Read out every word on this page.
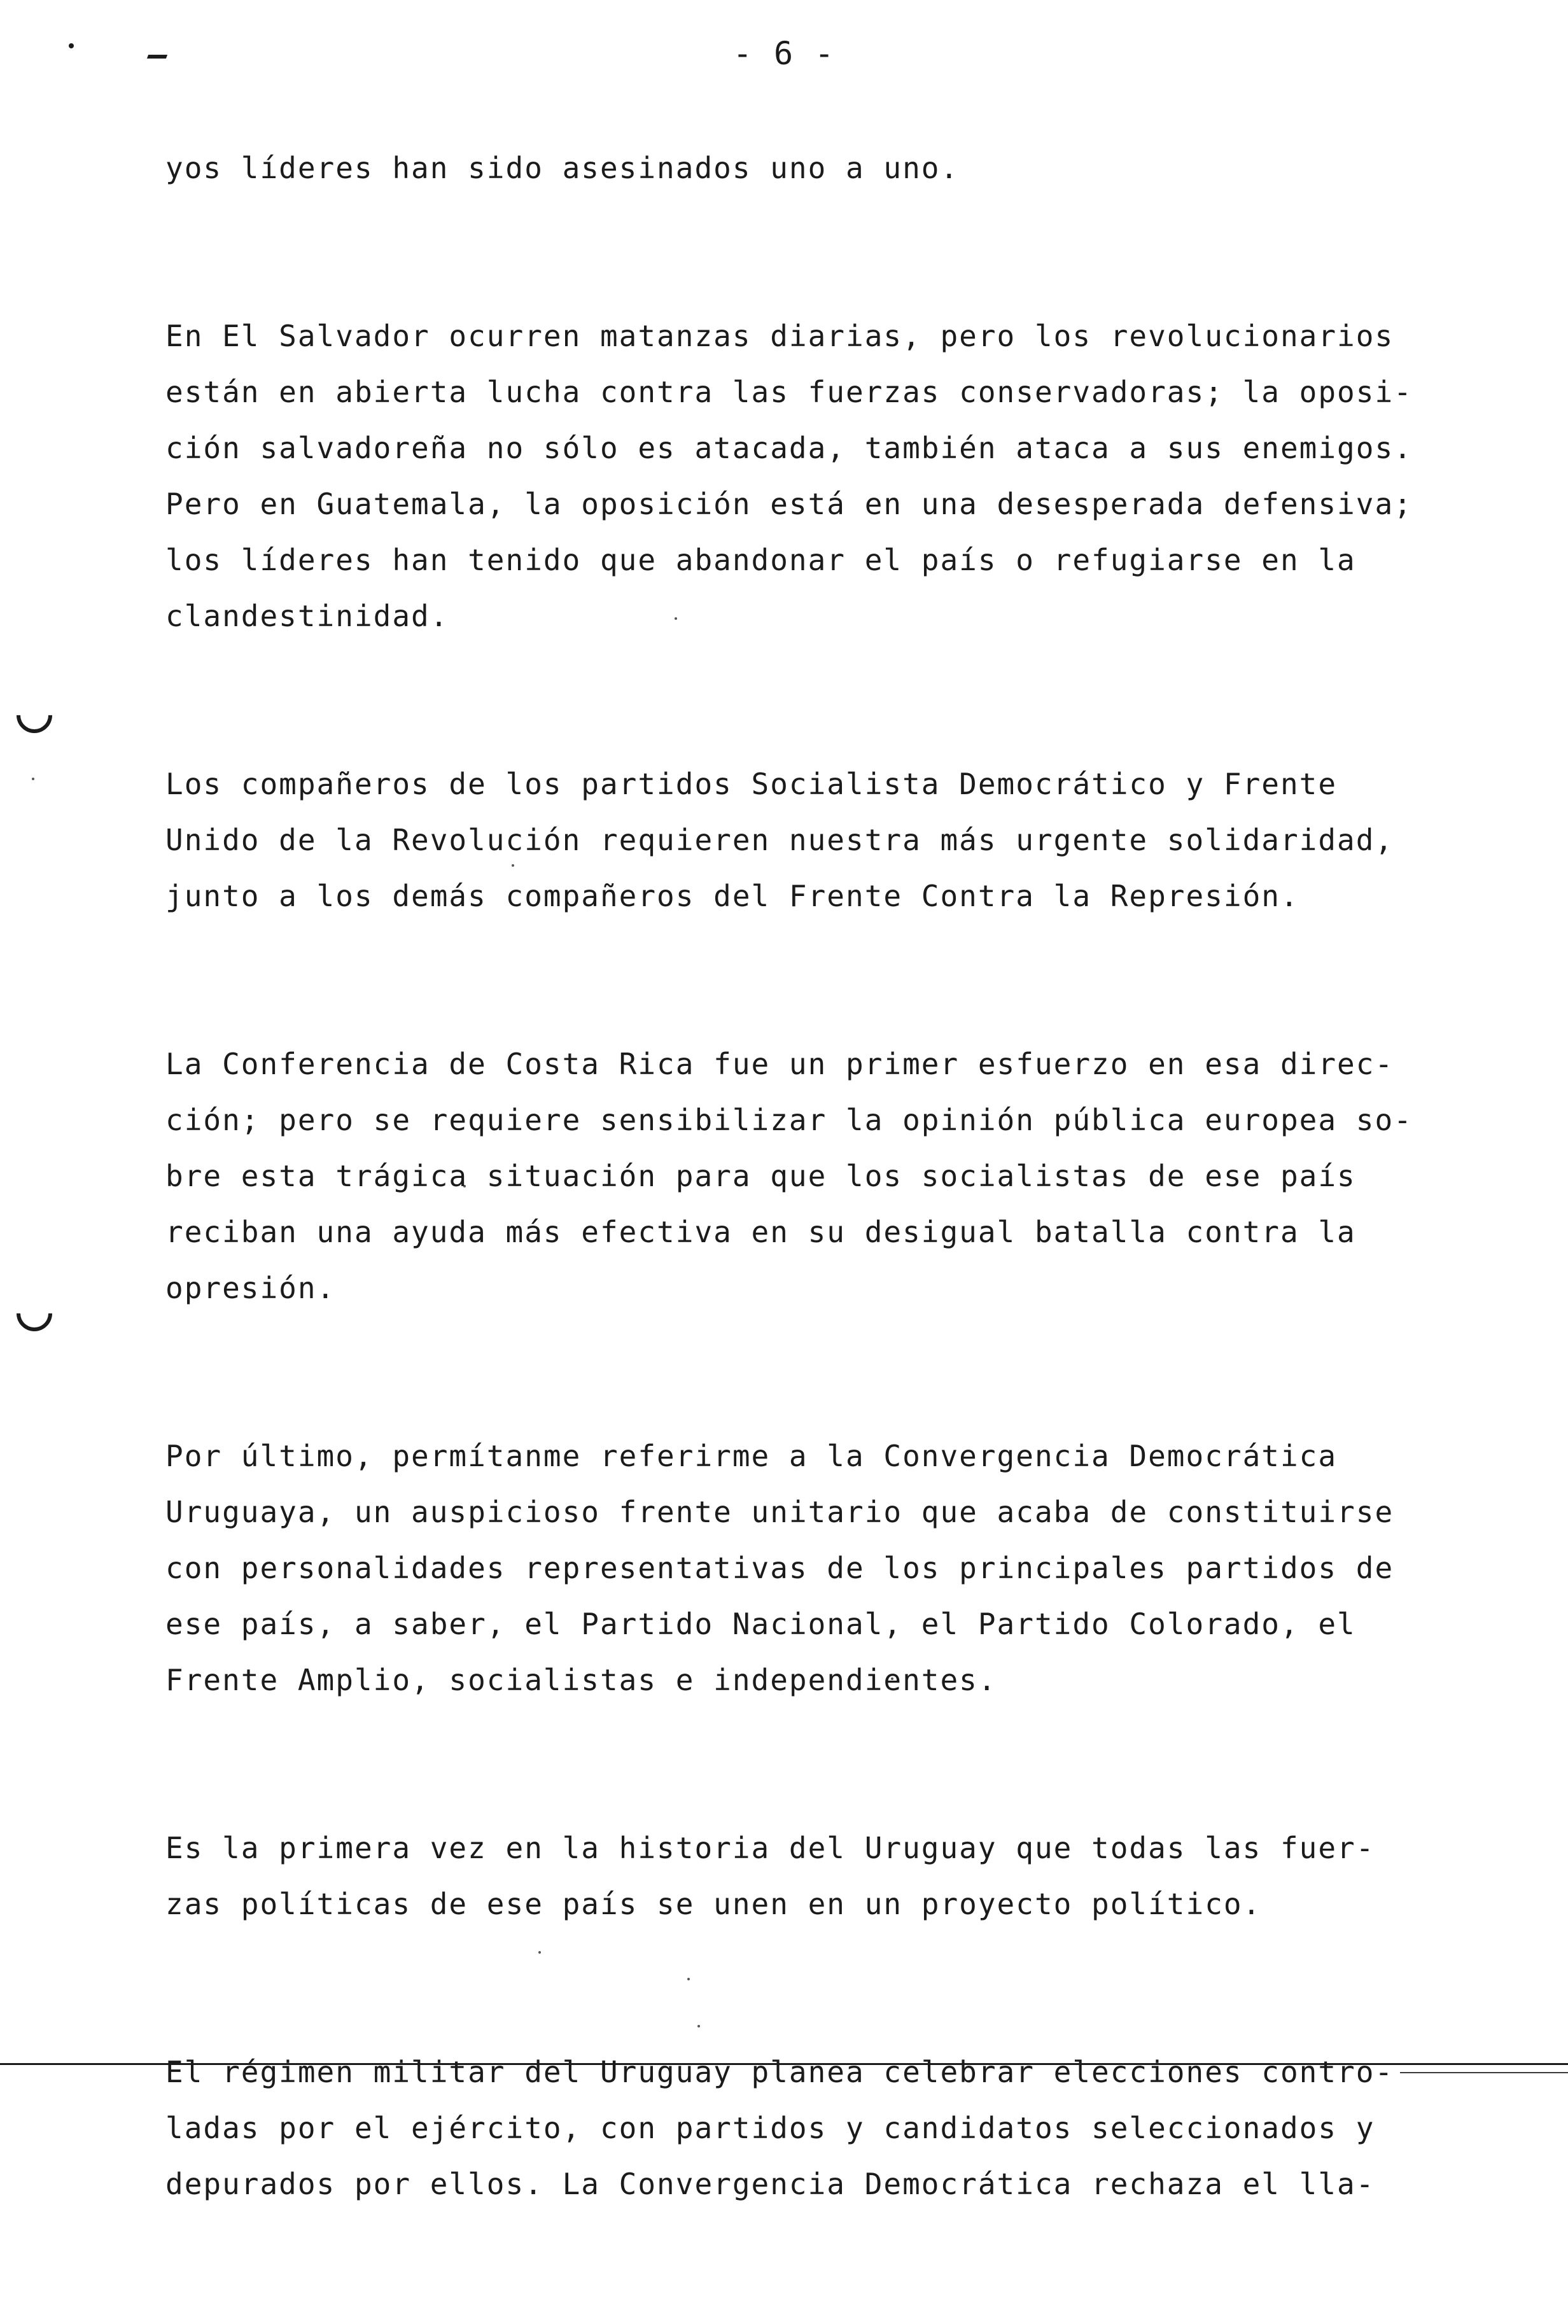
- 6 -

yos líderes han sido asesinados uno a uno.

En El Salvador ocurren matanzas diarias, pero los revolucionarios
están en abierta lucha contra las fuerzas conservadoras; la oposi-
ción salvadoreña no sólo es atacada, también ataca a sus enemigos.
Pero en Guatemala, la oposición está en una desesperada defensiva;
los líderes han tenido que abandonar el país o refugiarse en la
clandestinidad.

Los compañeros de los partidos Socialista Democrático y Frente
Unido de la Revolución requieren nuestra más urgente solidaridad,
junto a los demás compañeros del Frente Contra la Represión.

La Conferencia de Costa Rica fue un primer esfuerzo en esa direc-
ción; pero se requiere sensibilizar la opinión pública europea so-
bre esta trágica situación para que los socialistas de ese país
reciban una ayuda más efectiva en su desigual batalla contra la
opresión.

Por último, permítanme referirme a la Convergencia Democrática
Uruguaya, un auspicioso frente unitario que acaba de constituirse
con personalidades representativas de los principales partidos de
ese país, a saber, el Partido Nacional, el Partido Colorado, el
Frente Amplio, socialistas e independientes.

Es la primera vez en la historia del Uruguay que todas las fuer-
zas políticas de ese país se unen en un proyecto político.

El régimen militar del Uruguay planea celebrar elecciones contro-
ladas por el ejército, con partidos y candidatos seleccionados y
depurados por ellos. La Convergencia Democrática rechaza el lla-
